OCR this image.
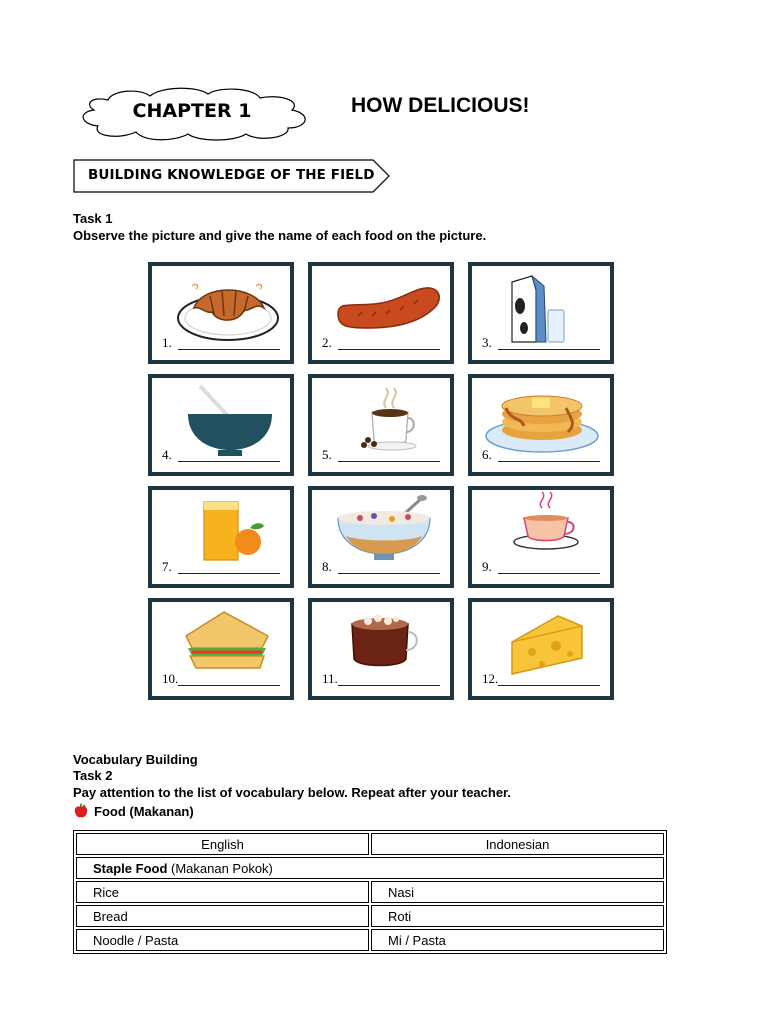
CHAPTER 1	HOW DELICIOUS!
BUILDING KNOWLEDGE OF THE FIELD
Task 1
Observe the picture and give the name of each food on the picture.
1.	2.	3.
4.	5.	6.
7.	8.	9.
10.	11.	12.
Vocabulary Building
Task 2
Pay attention to the list of vocabulary below. Repeat after your teacher.
Food (Makanan)
English	Indonesian
Staple Food (Makanan Pokok)	
Rice	Nasi
Bread	Roti
Noodle / Pasta	Mi / Pasta
